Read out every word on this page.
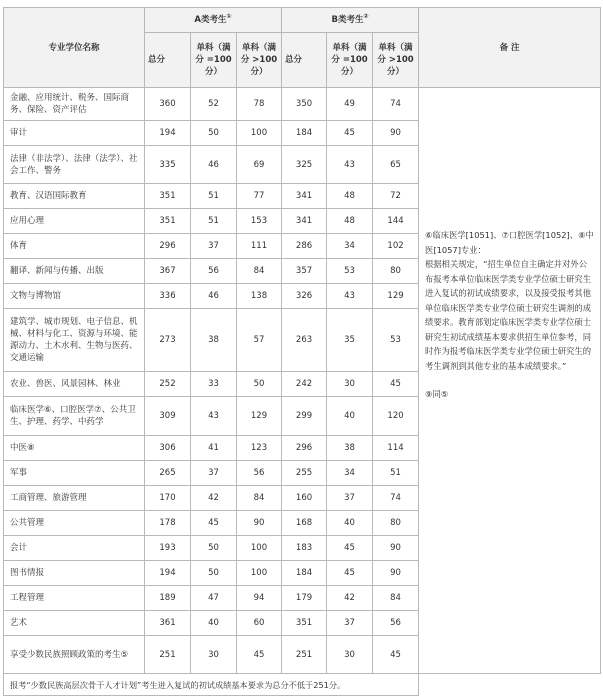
专业学位名称	A类考生①			B类考生②			备 注
	总分	单科（满分 =100分）	单科（满分 >100分）	总分	单科（满分 =100分）	单科（满分 >100分）	
金融、应用统计、税务、国际商务、保险、资产评估	360	52	78	350	49	74	⑥临床医学[1051]、⑦口腔医学[1052]、⑧中医[1057]专业：

根据相关规定，“招生单位自主确定并对外公布报考本单位临床医学类专业学位硕士研究生进入复试的初试成绩要求，以及接受报考其他单位临床医学类专业学位硕士研究生调剂的成绩要求。教育部划定临床医学类专业学位硕士研究生初试成绩基本要求供招生单位参考，同时作为报考临床医学类专业学位硕士研究生的考生调剂到其他专业的基本成绩要求。”

⑨同⑤

审计	194	50	100	184	45	90	
法律（非法学）、法律（法学）、社会工作、警务	335	46	69	325	43	65	
教育、汉语国际教育	351	51	77	341	48	72	
应用心理	351	51	153	341	48	144	
体育	296	37	111	286	34	102	
翻译、新闻与传播、出版	367	56	84	357	53	80	
文物与博物馆	336	46	138	326	43	129	
建筑学、城市规划、电子信息、机械、材料与化工、资源与环境、能源动力、土木水利、生物与医药、交通运输	273	38	57	263	35	53	
农业、兽医、风景园林、林业	252	33	50	242	30	45	
临床医学⑥、口腔医学⑦、公共卫生、护理、药学、中药学	309	43	129	299	40	120	
中医⑧	306	41	123	296	38	114	
军事	265	37	56	255	34	51	
工商管理、旅游管理	170	42	84	160	37	74	
公共管理	178	45	90	168	40	80	
会计	193	50	100	183	45	90	
图书情报	194	50	100	184	45	90	
工程管理	189	47	94	179	42	84	
艺术	361	40	60	351	37	56	
享受少数民族照顾政策的考生⑤	251	30	45	251	30	45	
报考“少数民族高层次骨干人才计划”考生进入复试的初试成绩基本要求为总分不低于251分。							
